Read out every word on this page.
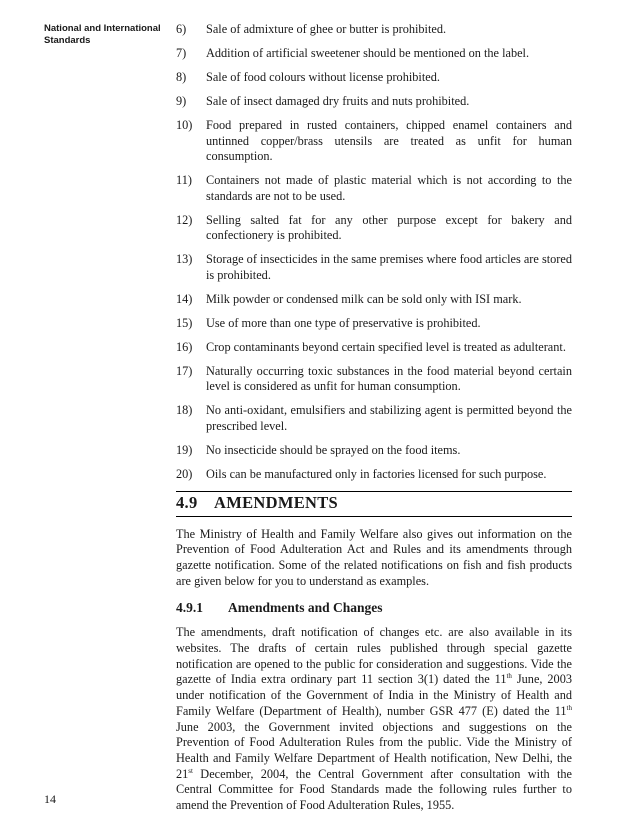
National and International Standards
6)	Sale of admixture of ghee or butter is prohibited.
7)	Addition of artificial sweetener should be mentioned on the label.
8)	Sale of food colours without license prohibited.
9)	Sale of insect damaged dry fruits and nuts prohibited.
10)	Food prepared in rusted containers, chipped enamel containers and untinned copper/brass utensils are treated as unfit for human consumption.
11)	Containers not made of plastic material which is not according to the standards are not to be used.
12)	Selling salted fat for any other purpose except for bakery and confectionery is prohibited.
13)	Storage of insecticides in the same premises where food articles are stored is prohibited.
14)	Milk powder or condensed milk can be sold only with ISI mark.
15)	Use of more than one type of preservative is prohibited.
16)	Crop contaminants beyond certain specified level is treated as adulterant.
17)	Naturally occurring toxic substances in the food material beyond certain level is considered as unfit for human consumption.
18)	No anti-oxidant, emulsifiers and stabilizing agent is permitted beyond the prescribed level.
19)	No insecticide should be sprayed on the food items.
20)	Oils can be manufactured only in factories licensed for such purpose.
4.9 AMENDMENTS

The Ministry of Health and Family Welfare also gives out information on the Prevention of Food Adulteration Act and Rules and its amendments through gazette notification. Some of the related notifications on fish and fish products are given below for you to understand as examples.

4.9.1 Amendments and Changes

The amendments, draft notification of changes etc. are also available in its websites. The drafts of certain rules published through special gazette notification are opened to the public for consideration and suggestions. Vide the gazette of India extra ordinary part 11 section 3(1) dated the 11th June, 2003 under notification of the Government of India in the Ministry of Health and Family Welfare (Department of Health), number GSR 477 (E) dated the 11th June 2003, the Government invited objections and suggestions on the Prevention of Food Adulteration Rules from the public. Vide the Ministry of Health and Family Welfare Department of Health notification, New Delhi, the 21st December, 2004, the Central Government after consultation with the Central Committee for Food Standards made the following rules further to amend the Prevention of Food Adulteration Rules, 1955.

14
